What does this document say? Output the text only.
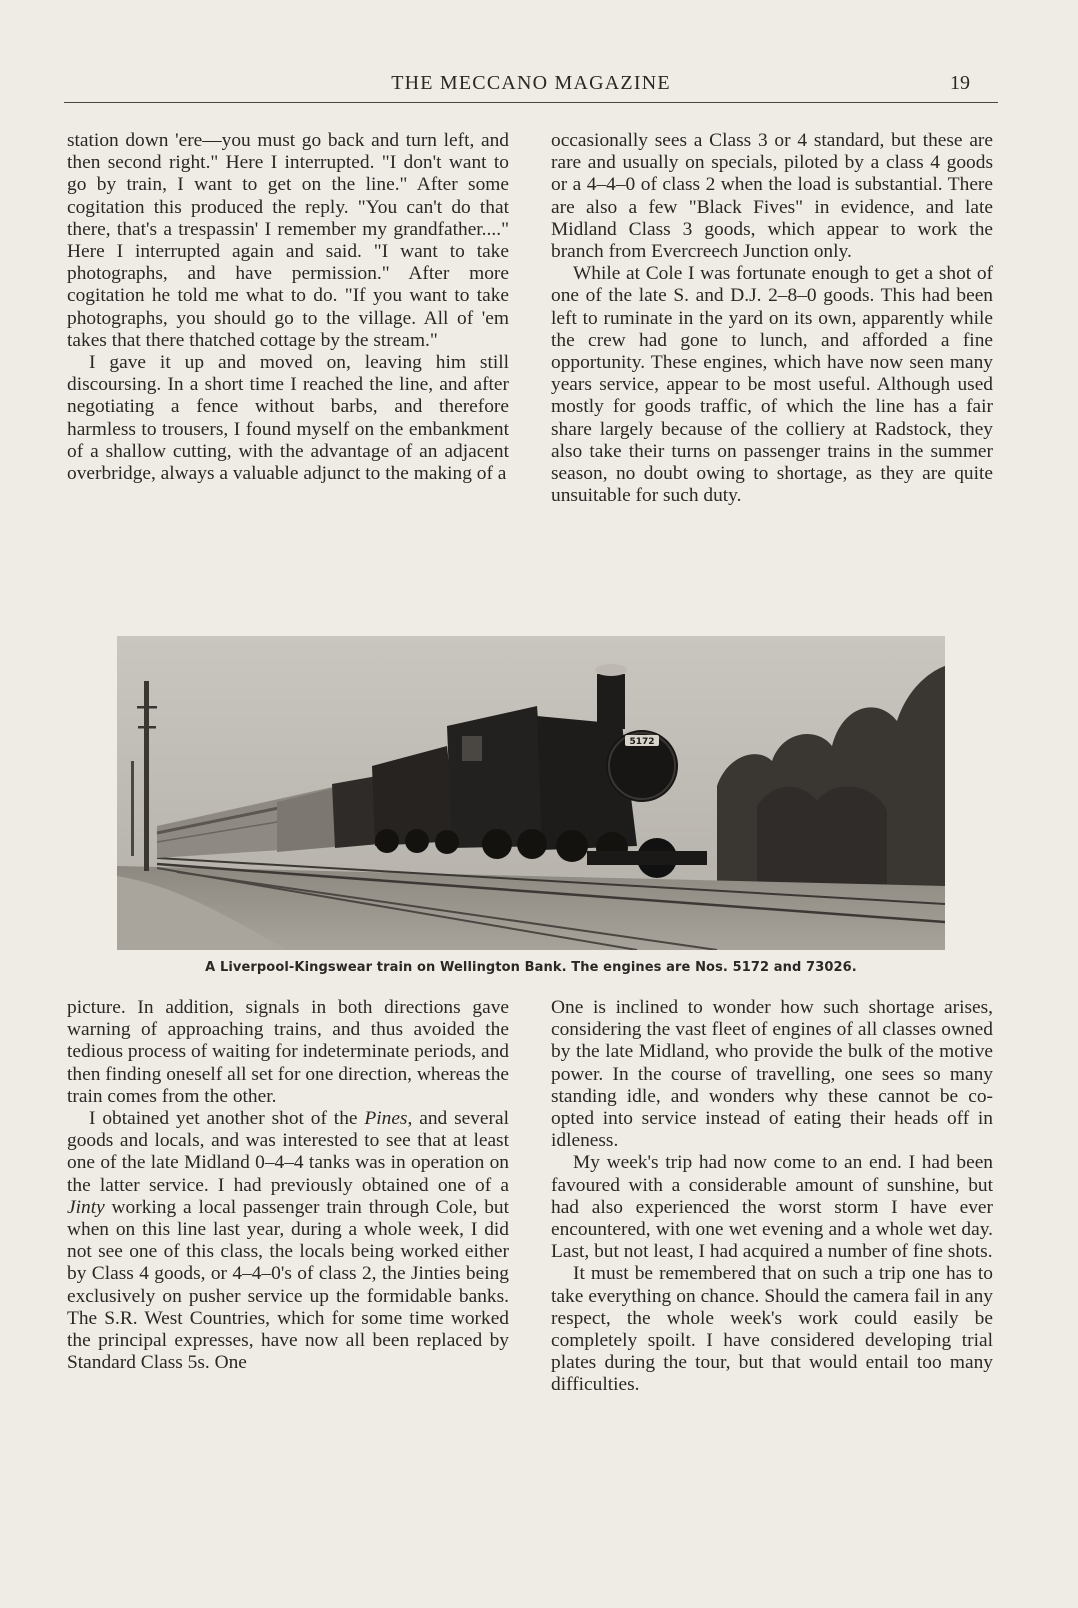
THE MECCANO MAGAZINE	19

station down 'ere—you must go back and turn left, and then second right." Here I interrupted. "I don't want to go by train, I want to get on the line." After some cogitation this produced the reply. "You can't do that there, that's a trespassin' I remember my grandfather...." Here I interrupted again and said. "I want to take photographs, and have permission." After more cogitation he told me what to do. "If you want to take photographs, you should go to the village. All of 'em takes that there thatched cottage by the stream."

I gave it up and moved on, leaving him still discoursing. In a short time I reached the line, and after negotiating a fence without barbs, and therefore harmless to trousers, I found myself on the embankment of a shallow cutting, with the advantage of an adjacent overbridge, always a valuable adjunct to the making of a

occasionally sees a Class 3 or 4 standard, but these are rare and usually on specials, piloted by a class 4 goods or a 4–4–0 of class 2 when the load is substantial. There are also a few "Black Fives" in evidence, and late Midland Class 3 goods, which appear to work the branch from Evercreech Junction only.

While at Cole I was fortunate enough to get a shot of one of the late S. and D.J. 2–8–0 goods. This had been left to ruminate in the yard on its own, apparently while the crew had gone to lunch, and afforded a fine opportunity. These engines, which have now seen many years service, appear to be most useful. Although used mostly for goods traffic, of which the line has a fair share largely because of the colliery at Radstock, they also take their turns on passenger trains in the summer season, no doubt owing to shortage, as they are quite unsuitable for such duty.

5172
A Liverpool-Kingswear train on Wellington Bank. The engines are Nos. 5172 and 73026.

picture. In addition, signals in both directions gave warning of approaching trains, and thus avoided the tedious process of waiting for indeterminate periods, and then finding oneself all set for one direction, whereas the train comes from the other.

I obtained yet another shot of the Pines, and several goods and locals, and was interested to see that at least one of the late Midland 0–4–4 tanks was in operation on the latter service. I had previously obtained one of a Jinty working a local passenger train through Cole, but when on this line last year, during a whole week, I did not see one of this class, the locals being worked either by Class 4 goods, or 4–4–0's of class 2, the Jinties being exclusively on pusher service up the formidable banks. The S.R. West Countries, which for some time worked the principal expresses, have now all been replaced by Standard Class 5s. One

One is inclined to wonder how such shortage arises, considering the vast fleet of engines of all classes owned by the late Midland, who provide the bulk of the motive power. In the course of travelling, one sees so many standing idle, and wonders why these cannot be co-opted into service instead of eating their heads off in idleness.

My week's trip had now come to an end. I had been favoured with a considerable amount of sunshine, but had also experienced the worst storm I have ever encountered, with one wet evening and a whole wet day. Last, but not least, I had acquired a number of fine shots.

It must be remembered that on such a trip one has to take everything on chance. Should the camera fail in any respect, the whole week's work could easily be completely spoilt. I have considered developing trial plates during the tour, but that would entail too many difficulties.
